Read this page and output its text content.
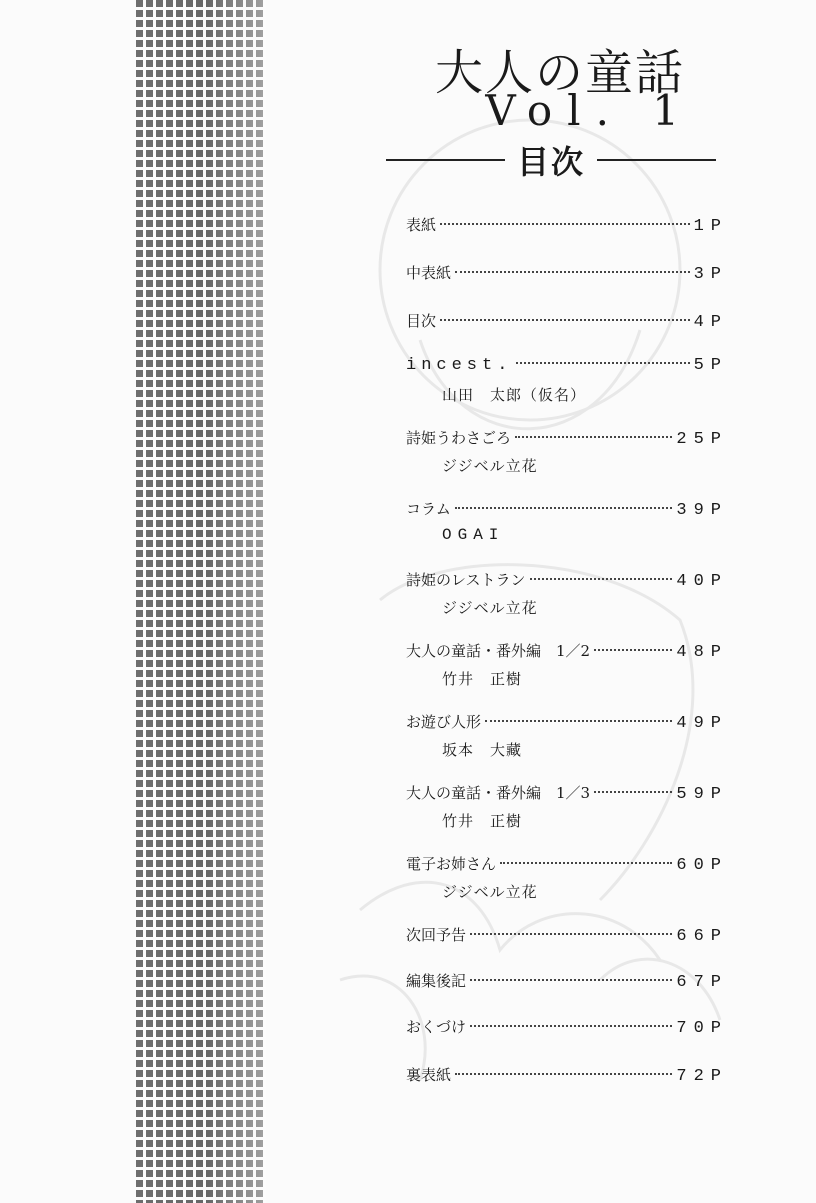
大人の童話
Vol. 1
目次
表紙	1P
中表紙	3P
目次	4P
incest.	5P
山田　太郎（仮名）
詩姫うわさごろ	25P
ジジベル立花
コラム	39P
OGAI
詩姫のレストラン	40P
ジジベル立花
大人の童話・番外編　1／2	48P
竹井　正樹
お遊び人形	49P
坂本　大藏
大人の童話・番外編　1／3	59P
竹井　正樹
電子お姉さん	60P
ジジベル立花
次回予告	66P
編集後記	67P
おくづけ	70P
裏表紙	72P
